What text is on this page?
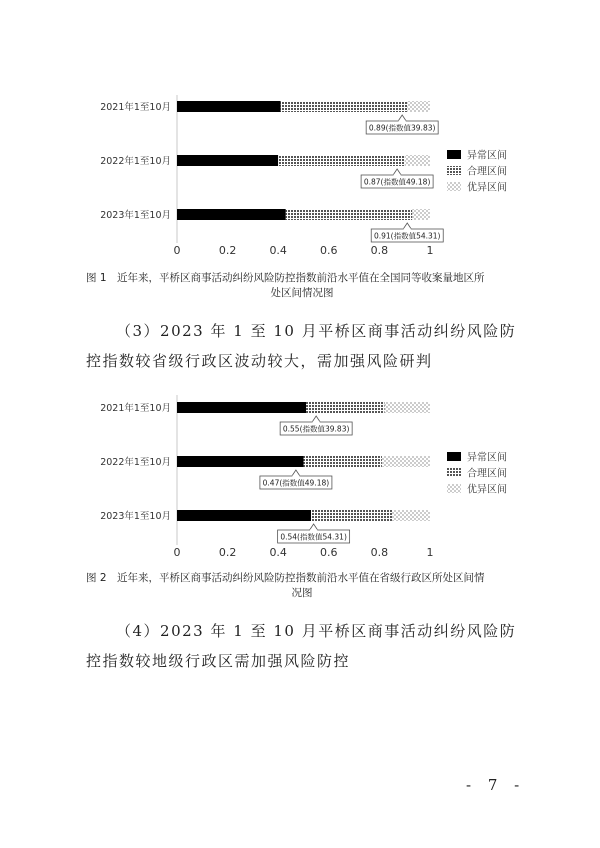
0	0.2	0.4	0.6	0.8	1
2021年1至10月
0.89(指数值39.83)
2022年1至10月
0.87(指数值49.18)
2023年1至10月
0.91(指数值54.31)
异常区间
合理区间
优异区间
图 1　近年来，平桥区商事活动纠纷风险防控指数前沿水平值在全国同等收案量地区所
处区间情况图
（3）2023 年 1 至 10 月平桥区商事活动纠纷风险防控指数较省级行政区波动较大，需加强风险研判
0	0.2	0.4	0.6	0.8	1
2021年1至10月
0.55(指数值39.83)
2022年1至10月
0.47(指数值49.18)
2023年1至10月
0.54(指数值54.31)
异常区间
合理区间
优异区间
图 2　近年来，平桥区商事活动纠纷风险防控指数前沿水平值在省级行政区所处区间情
况图
（4）2023 年 1 至 10 月平桥区商事活动纠纷风险防控指数较地级行政区需加强风险防控
- 7 -
